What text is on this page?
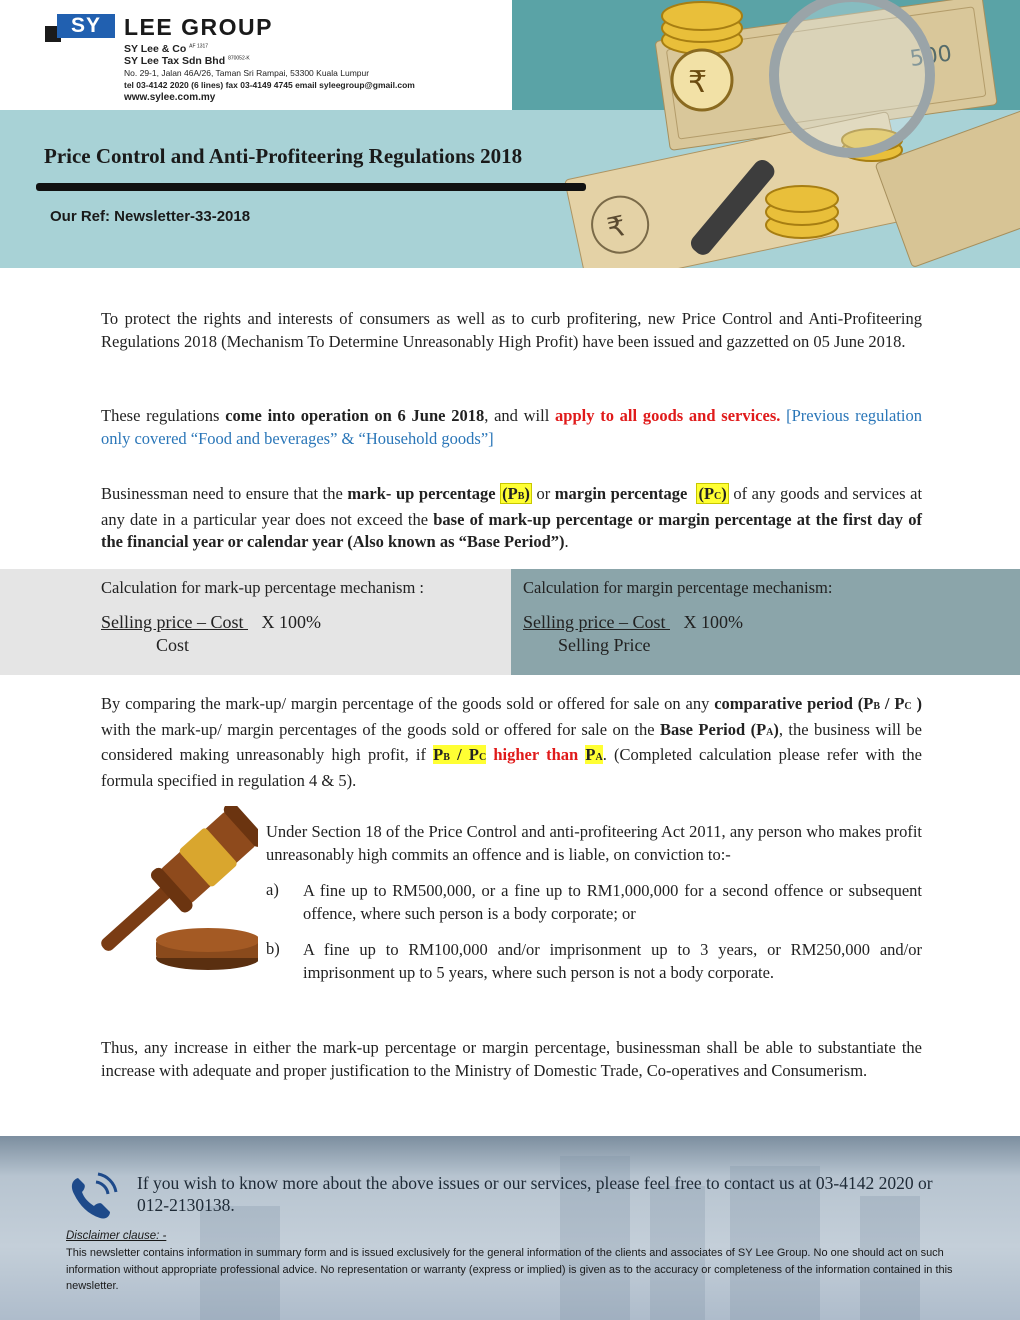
₹
₹
SY	LEE GROUP
SY Lee & Co $^{AF 1317}$
SY Lee Tax Sdn Bhd $^{870052-K}$
No. 29-1, Jalan 46A/26, Taman Sri Rampai, 53300 Kuala Lumpur
tel 03-4142 2020 (6 lines) fax 03-4149 4745 email syleegroup@gmail.com
www.sylee.com.my
Price Control and Anti-Profiteering Regulations 2018
Our Ref: Newsletter-33-2018
To protect the rights and interests of consumers as well as to curb profitering, new Price Control and Anti-Profiteering Regulations 2018 (Mechanism To Determine Unreasonably High Profit) have been issued and gazzetted on 05 June 2018.
These regulations come into operation on 6 June 2018, and will apply to all goods and services. [Previous regulation only covered “Food and beverages” & “Household goods”]
Businessman need to ensure that the mark- up percentage (PB) or margin percentage (PC) of any goods and services at any date in a particular year does not exceed the base of mark-up percentage or margin percentage at the first day of the financial year or calendar year (Also known as “Base Period”).
Calculation for mark-up percentage mechanism :
Selling price – Cost    X 100%
Cost
Calculation for margin percentage mechanism:
Selling price – Cost    X 100%
Selling Price
By comparing the mark-up/ margin percentage of the goods sold or offered for sale on any comparative period (PB / PC ) with the mark-up/ margin percentages of the goods sold or offered for sale on the Base Period (PA), the business will be considered making unreasonably high profit, if PB / PC higher than PA. (Completed calculation please refer with the formula specified in regulation 4 & 5).
Under Section 18 of the Price Control and anti-profiteering Act 2011, any person who makes profit unreasonably high commits an offence and is liable, on conviction to:-
a) A fine up to RM500,000, or a fine up to RM1,000,000 for a second offence or subsequent offence, where such person is a body corporate; or
b) A fine up to RM100,000 and/or imprisonment up to 3 years, or RM250,000 and/or imprisonment up to 5 years, where such person is not a body corporate.
Thus, any increase in either the mark-up percentage or margin percentage, businessman shall be able to substantiate the increase with adequate and proper justification to the Ministry of Domestic Trade, Co-operatives and Consumerism.
If you wish to know more about the above issues or our services, please feel free to contact us at 03-4142 2020 or 012-2130138.
Disclaimer clause: -
This newsletter contains information in summary form and is issued exclusively for the general information of the clients and associates of SY Lee Group. No one should act on such information without appropriate professional advice. No representation or warranty (express or implied) is given as to the accuracy or completeness of the information contained in this newsletter.
